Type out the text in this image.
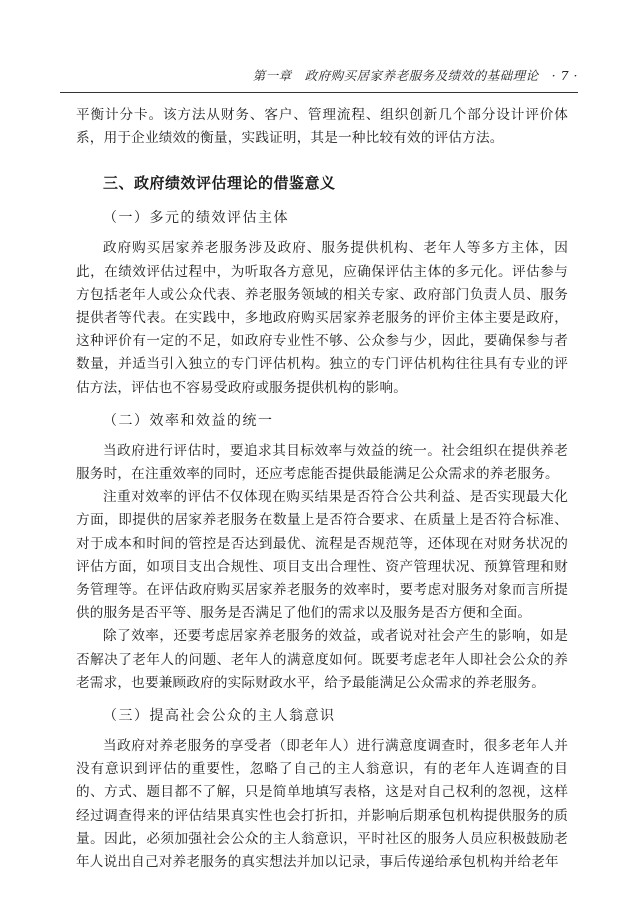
第一章　政府购买居家养老服务及绩效的基础理论　· 7 ·

平衡计分卡。该方法从财务、客户、管理流程、组织创新几个部分设计评价体系，用于企业绩效的衡量，实践证明，其是一种比较有效的评估方法。

三、政府绩效评估理论的借鉴意义
（一）多元的绩效评估主体

政府购买居家养老服务涉及政府、服务提供机构、老年人等多方主体，因此，在绩效评估过程中，为听取各方意见，应确保评估主体的多元化。评估参与方包括老年人或公众代表、养老服务领域的相关专家、政府部门负责人员、服务提供者等代表。在实践中，多地政府购买居家养老服务的评价主体主要是政府，这种评价有一定的不足，如政府专业性不够、公众参与少，因此，要确保参与者数量，并适当引入独立的专门评估机构。独立的专门评估机构往往具有专业的评估方法，评估也不容易受政府或服务提供机构的影响。

（二）效率和效益的统一

当政府进行评估时，要追求其目标效率与效益的统一。社会组织在提供养老服务时，在注重效率的同时，还应考虑能否提供最能满足公众需求的养老服务。

注重对效率的评估不仅体现在购买结果是否符合公共利益、是否实现最大化方面，即提供的居家养老服务在数量上是否符合要求、在质量上是否符合标准、对于成本和时间的管控是否达到最优、流程是否规范等，还体现在对财务状况的评估方面，如项目支出合规性、项目支出合理性、资产管理状况、预算管理和财务管理等。在评估政府购买居家养老服务的效率时，要考虑对服务对象而言所提供的服务是否平等、服务是否满足了他们的需求以及服务是否方便和全面。

除了效率，还要考虑居家养老服务的效益，或者说对社会产生的影响，如是否解决了老年人的问题、老年人的满意度如何。既要考虑老年人即社会公众的养老需求，也要兼顾政府的实际财政水平，给予最能满足公众需求的养老服务。

（三）提高社会公众的主人翁意识

当政府对养老服务的享受者（即老年人）进行满意度调查时，很多老年人并没有意识到评估的重要性，忽略了自己的主人翁意识，有的老年人连调查的目的、方式、题目都不了解，只是简单地填写表格，这是对自己权利的忽视，这样经过调查得来的评估结果真实性也会打折扣，并影响后期承包机构提供服务的质量。因此，必须加强社会公众的主人翁意识，平时社区的服务人员应积极鼓励老年人说出自己对养老服务的真实想法并加以记录，事后传递给承包机构并给老年
